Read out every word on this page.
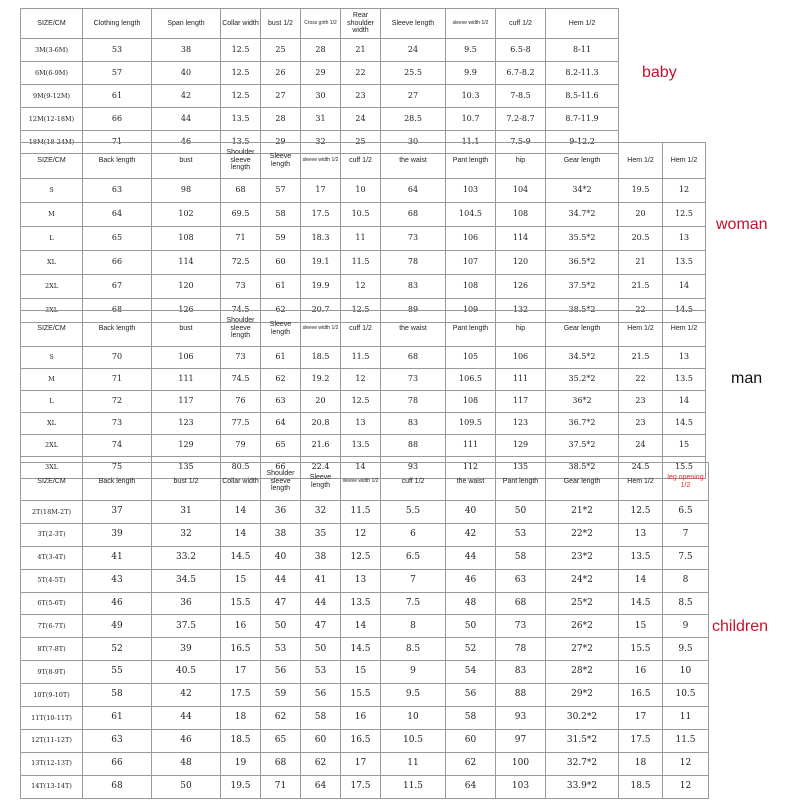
SIZE/CM	Clothing length	Span length	Collar width	bust 1/2	Cross girth 1/2	Rear shoulder width	Sleeve length	sleeve width 1/2	cuff 1/2	Hem 1/2
3M(3-6M)	53	38	12.5	25	28	21	24	9.5	6.5-8	8-11
6M(6-9M)	57	40	12.5	26	29	22	25.5	9.9	6.7-8.2	8.2-11.3
9M(9-12M)	61	42	12.5	27	30	23	27	10.3	7-8.5	8.5-11.6
12M(12-18M)	66	44	13.5	28	31	24	28.5	10.7	7.2-8.7	8.7-11.9
18M(18-24M)	71	46	13.5	29	32	25	30	11.1	7.5-9	9-12.2
SIZE/CM	Back length	bust	Shoulder sleeve length	Sleeve length	sleeve width 1/2	cuff 1/2	the waist	Pant length	hip	Gear length	Hem 1/2	Hem 1/2
S	63	98	68	57	17	10	64	103	104	34*2	19.5	12
M	64	102	69.5	58	17.5	10.5	68	104.5	108	34.7*2	20	12.5
L	65	108	71	59	18.3	11	73	106	114	35.5*2	20.5	13
XL	66	114	72.5	60	19.1	11.5	78	107	120	36.5*2	21	13.5
2XL	67	120	73	61	19.9	12	83	108	126	37.5*2	21.5	14
3XL	68	126	74.5	62	20.7	12.5	89	109	132	38.5*2	22	14.5
SIZE/CM	Back length	bust	Shoulder sleeve length	Sleeve length	sleeve width 1/2	cuff 1/2	the waist	Pant length	hip	Gear length	Hem 1/2	Hem 1/2
S	70	106	73	61	18.5	11.5	68	105	106	34.5*2	21.5	13
M	71	111	74.5	62	19.2	12	73	106.5	111	35.2*2	22	13.5
L	72	117	76	63	20	12.5	78	108	117	36*2	23	14
XL	73	123	77.5	64	20.8	13	83	109.5	123	36.7*2	23	14.5
2XL	74	129	79	65	21.6	13.5	88	111	129	37.5*2	24	15
3XL	75	135	80.5	66	22.4	14	93	112	135	38.5*2	24.5	15.5
SIZE/CM	Back length	bust 1/2	Collar width	Shoulder sleeve length	Sleeve length	sleeve width 1/2	cuff 1/2	the waist	Pant length	Gear length	Hem 1/2	leg opening 1/2
2T(18M-2T)	37	31	14	36	32	11.5	5.5	40	50	21*2	12.5	6.5
3T(2-3T)	39	32	14	38	35	12	6	42	53	22*2	13	7
4T(3-4T)	41	33.2	14.5	40	38	12.5	6.5	44	58	23*2	13.5	7.5
5T(4-5T)	43	34.5	15	44	41	13	7	46	63	24*2	14	8
6T(5-6T)	46	36	15.5	47	44	13.5	7.5	48	68	25*2	14.5	8.5
7T(6-7T)	49	37.5	16	50	47	14	8	50	73	26*2	15	9
8T(7-8T)	52	39	16.5	53	50	14.5	8.5	52	78	27*2	15.5	9.5
9T(8-9T)	55	40.5	17	56	53	15	9	54	83	28*2	16	10
10T(9-10T)	58	42	17.5	59	56	15.5	9.5	56	88	29*2	16.5	10.5
11T(10-11T)	61	44	18	62	58	16	10	58	93	30.2*2	17	11
12T(11-12T)	63	46	18.5	65	60	16.5	10.5	60	97	31.5*2	17.5	11.5
13T(12-13T)	66	48	19	68	62	17	11	62	100	32.7*2	18	12
14T(13-14T)	68	50	19.5	71	64	17.5	11.5	64	103	33.9*2	18.5	12
baby
woman
man
children
